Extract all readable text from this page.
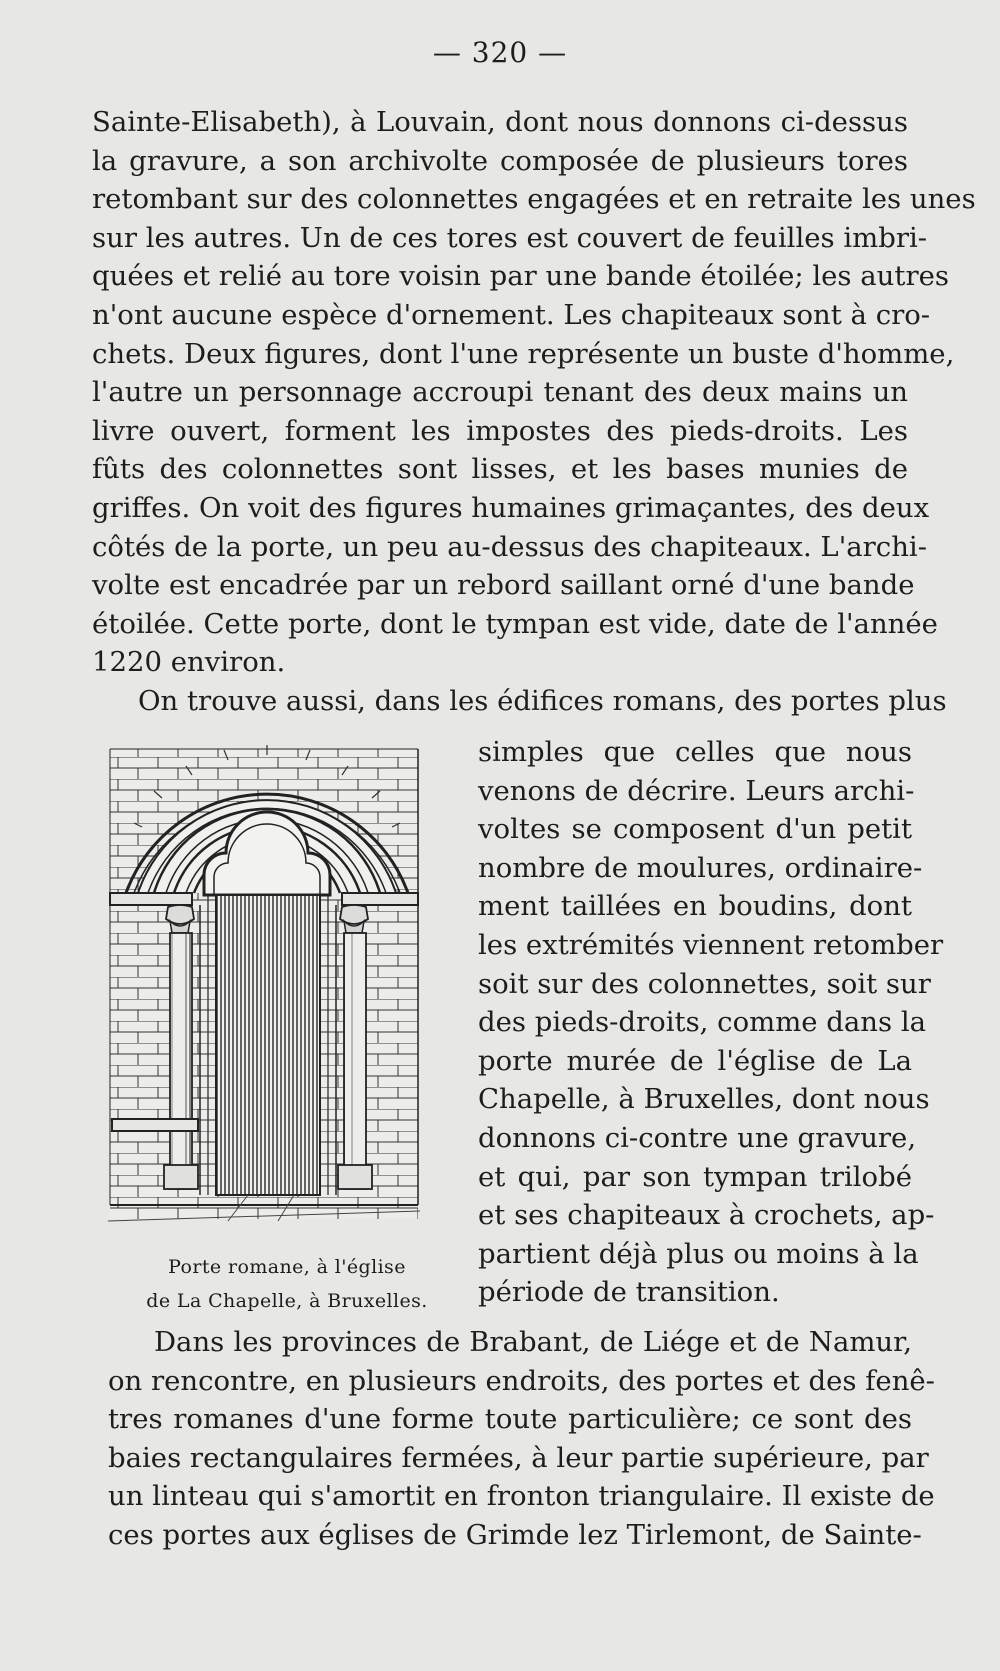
— 320 —
Sainte-Elisabeth), à Louvain, dont nous donnons ci-dessus
la gravure, a son archivolte composée de plusieurs tores
retombant sur des colonnettes engagées et en retraite les unes
sur les autres. Un de ces tores est couvert de feuilles imbri-
quées et relié au tore voisin par une bande étoilée; les autres
n'ont aucune espèce d'ornement. Les chapiteaux sont à cro-
chets. Deux figures, dont l'une représente un buste d'homme,
l'autre un personnage accroupi tenant des deux mains un
livre ouvert, forment les impostes des pieds-droits. Les
fûts des colonnettes sont lisses, et les bases munies de
griffes. On voit des figures humaines grimaçantes, des deux
côtés de la porte, un peu au-dessus des chapiteaux. L'archi-
volte est encadrée par un rebord saillant orné d'une bande
étoilée. Cette porte, dont le tympan est vide, date de l'année
1220 environ.
On trouve aussi, dans les édifices romans, des portes plus
Porte romane, à l'église
de La Chapelle, à Bruxelles.
simples que celles que nous
venons de décrire. Leurs archi-
voltes se composent d'un petit
nombre de moulures, ordinaire-
ment taillées en boudins, dont
les extrémités viennent retomber
soit sur des colonnettes, soit sur
des pieds-droits, comme dans la
porte murée de l'église de La
Chapelle, à Bruxelles, dont nous
donnons ci-contre une gravure,
et qui, par son tympan trilobé
et ses chapiteaux à crochets, ap-
partient déjà plus ou moins à la
période de transition.
Dans les provinces de Brabant, de Liége et de Namur,
on rencontre, en plusieurs endroits, des portes et des fenê-
tres romanes d'une forme toute particulière; ce sont des
baies rectangulaires fermées, à leur partie supérieure, par
un linteau qui s'amortit en fronton triangulaire. Il existe de
ces portes aux églises de Grimde lez Tirlemont, de Sainte-
